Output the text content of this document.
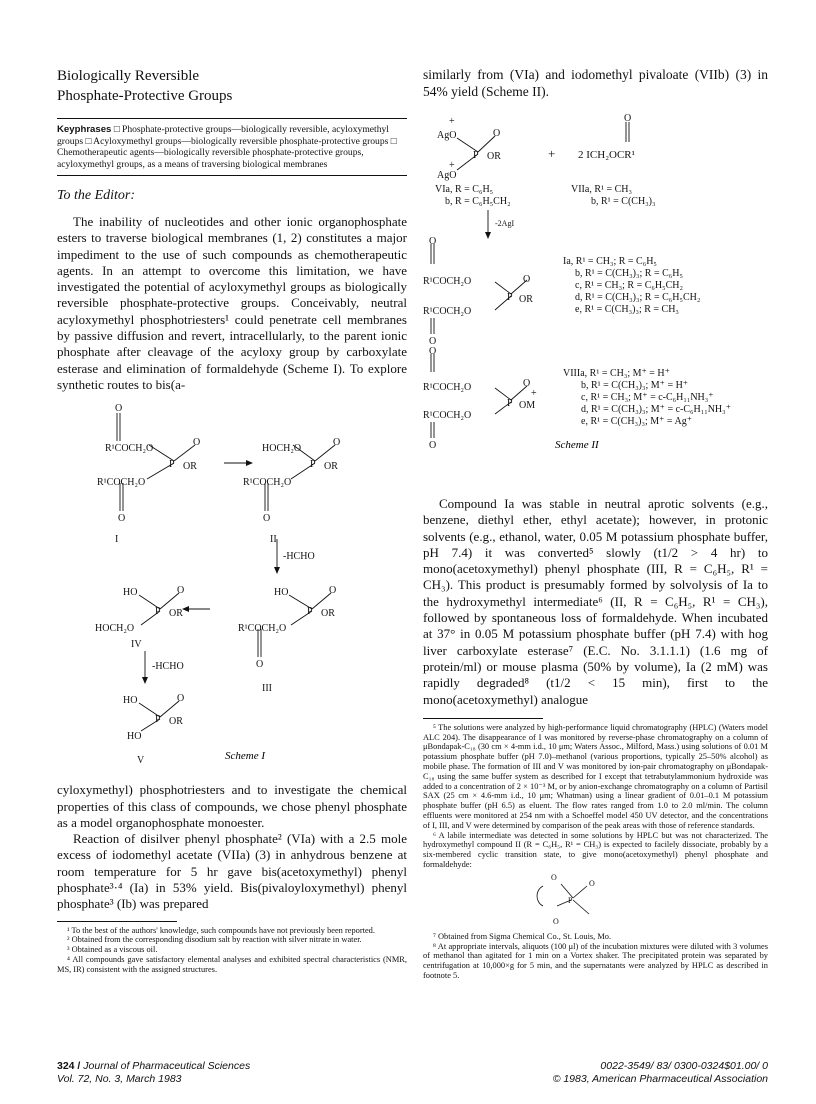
Biologically Reversible
Phosphate-Protective Groups
Keyphrases □ Phosphate-protective groups—biologically reversible, acyloxymethyl groups □ Acyloxymethyl groups—biologically reversible phosphate-protective groups □ Chemotherapeutic agents—biologically reversible phosphate-protective groups, acyloxymethyl groups, as a means of traversing biological membranes
To the Editor:

The inability of nucleotides and other ionic organophosphate esters to traverse biological membranes (1, 2) constitutes a major impediment to the use of such compounds as chemotherapeutic agents. In an attempt to overcome this limitation, we have investigated the potential of acyloxymethyl groups as biologically reversible phosphate-protective groups. Conceivably, neutral acyloxymethyl phosphotriesters¹ could penetrate cell membranes by passive diffusion and revert, intracellularly, to the parent ionic phosphate after cleavage of the acyloxy group by carboxylate esterase and elimination of formaldehyde (Scheme I). To explore synthetic routes to bis(a-

O
R¹COCH₂O
O
P OR
R¹COCH₂O
O
I
HOCH₂O
O
P OR
R¹COCH₂O
O
II
-HCHO
HO	O
P OR
R¹COCH₂O
O
III
HO	O
P OR
HOCH₂O
IV
-HCHO
HO	O
P OR
HO
V	Scheme I

cyloxymethyl) phosphotriesters and to investigate the chemical properties of this class of compounds, we chose phenyl phosphate as a model organophosphate monoester.

Reaction of disilver phenyl phosphate² (VIa) with a 2.5 mole excess of iodomethyl acetate (VIIa) (3) in anhydrous benzene at room temperature for 5 hr gave bis(acetoxymethyl) phenyl phosphate³·⁴ (Ia) in 53% yield. Bis(pivaloyloxymethyl) phenyl phosphate³ (Ib) was prepared

¹ To the best of the authors' knowledge, such compounds have not previously been reported.

² Obtained from the corresponding disodium salt by reaction with silver nitrate in water.

³ Obtained as a viscous oil.

⁴ All compounds gave satisfactory elemental analyses and exhibited spectral characteristics (NMR, MS, IR) consistent with the assigned structures.

similarly from (VIa) and iodomethyl pivaloate (VIIb) (3) in 54% yield (Scheme II).

+
AgO	O
P OR
+
AgO
+
O
2 ICH₂OCR¹
VIa, R = C₆H₅
b, R = C₆H₅CH₂
VIIa, R¹ = CH₃
b, R¹ = C(CH₃)₃
-2AgI
O
R¹COCH₂O	O
P OR
R¹COCH₂O
O
Ia, R¹ = CH₃; R = C₆H₅
b, R¹ = C(CH₃)₃; R = C₆H₅
c, R¹ = CH₃; R = C₆H₅CH₂
d, R¹ = C(CH₃)₃; R = C₆H₅CH₂
e, R¹ = C(CH₃)₃; R = CH₃
O
R¹COCH₂O	O
P OM
+
R¹COCH₂O
O
VIIIa, R¹ = CH₃; M⁺ = H⁺
b, R¹ = C(CH₃)₃; M⁺ = H⁺
c, R¹ = CH₃; M⁺ = c-C₆H₁₁NH₃⁺
d, R¹ = C(CH₃)₃; M⁺ = c-C₆H₁₁NH₃⁺
e, R¹ = C(CH₃)₃; M⁺ = Ag⁺
Scheme II

Compound Ia was stable in neutral aprotic solvents (e.g., benzene, diethyl ether, ethyl acetate); however, in protonic solvents (e.g., ethanol, water, 0.05 M potassium phosphate buffer, pH 7.4) it was converted⁵ slowly (t1/2 > 4 hr) to mono(acetoxymethyl) phenyl phosphate (III, R = C₆H₅, R¹ = CH₃). This product is presumably formed by solvolysis of Ia to the hydroxymethyl intermediate⁶ (II, R = C₆H₅, R¹ = CH₃), followed by spontaneous loss of formaldehyde. When incubated at 37° in 0.05 M potassium phosphate buffer (pH 7.4) with hog liver carboxylate esterase⁷ (E.C. No. 3.1.1.1) (1.6 mg of protein/ml) or mouse plasma (50% by volume), Ia (2 mM) was rapidly degraded⁸ (t1/2 < 15 min), first to the mono(acetoxymethyl) analogue

⁵ The solutions were analyzed by high-performance liquid chromatography (HPLC) (Waters model ALC 204). The disappearance of I was monitored by reverse-phase chromatography on a column of μBondapak-C₁₈ (30 cm × 4-mm i.d., 10 μm; Waters Assoc., Milford, Mass.) using solutions of 0.01 M potassium phosphate buffer (pH 7.0)–methanol (various proportions, typically 25–50% alcohol) as mobile phase. The formation of III and V was monitored by ion-pair chromatography on μBondapak-C₁₈ using the same buffer system as described for I except that tetrabutylammonium hydroxide was added to a concentration of 2 × 10⁻³ M, or by anion-exchange chromatography on a column of Partisil SAX (25 cm × 4.6-mm i.d., 10 μm; Whatman) using a linear gradient of 0.01–0.1 M potassium phosphate buffer (pH 6.5) as eluent. The flow rates ranged from 1.0 to 2.0 ml/min. The column effluents were monitored at 254 nm with a Schoeffel model 450 UV detector, and the concentrations of I, III, and V were determined by comparison of the peak areas with those of reference standards.

⁶ A labile intermediate was detected in some solutions by HPLC but was not characterized. The hydroxymethyl compound II (R = C₆H₅, R¹ = CH₃) is expected to facilely dissociate, probably by a six-membered cyclic transition state, to give mono(acetoxymethyl) phenyl phosphate and formaldehyde:

O
P
O
O

⁷ Obtained from Sigma Chemical Co., St. Louis, Mo.

⁸ At appropriate intervals, aliquots (100 μl) of the incubation mixtures were diluted with 3 volumes of methanol than agitated for 1 min on a Vortex shaker. The precipitated protein was separated by centrifugation at 10,000×g for 5 min, and the supernatants were analyzed by HPLC as described in footnote 5.

324 / Journal of Pharmaceutical Sciences
Vol. 72, No. 3, March 1983
0022-3549/ 83/ 0300-0324$01.00/ 0
© 1983, American Pharmaceutical Association
